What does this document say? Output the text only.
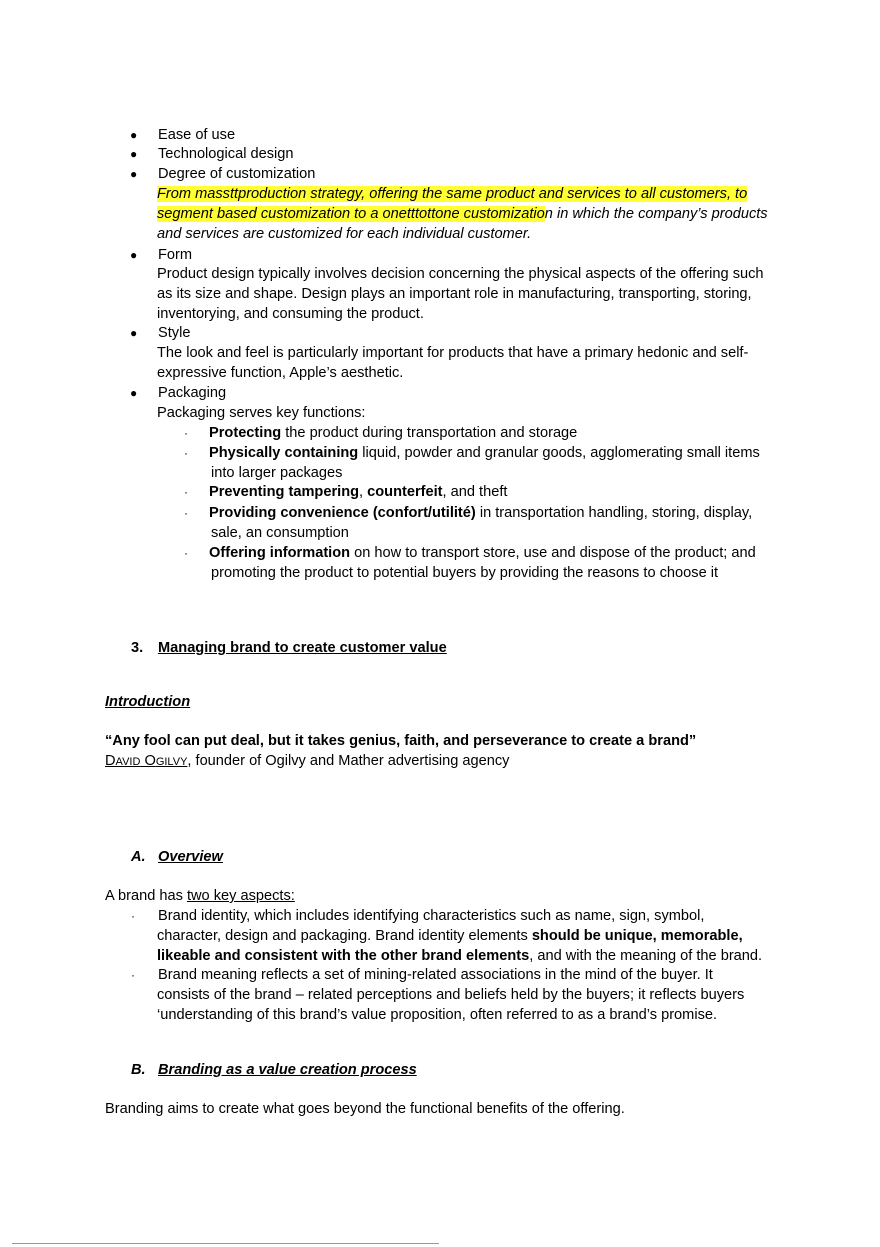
● Ease of use
● Technological design
● Degree of customization
From massttproduction strategy, offering the same product and services to all customers, to
segment based customization to a onetttottone customization in which the company’s products
and services are customized for each individual customer.
● Form
Product design typically involves decision concerning the physical aspects of the offering such
as its size and shape. Design plays an important role in manufacturing, transporting, storing,
inventorying, and consuming the product.
● Style
The look and feel is particularly important for products that have a primary hedonic and self-
expressive function, Apple’s aesthetic.
● Packaging
Packaging serves key functions:
· Protecting the product during transportation and storage
· Physically containing liquid, powder and granular goods, agglomerating small items
into larger packages
· Preventing tampering, counterfeit, and theft
· Providing convenience (confort/utilité) in transportation handling, storing, display,
sale, an consumption
· Offering information on how to transport store, use and dispose of the product; and
promoting the product to potential buyers by providing the reasons to choose it
3. Managing brand to create customer value
Introduction
“Any fool can put deal, but it takes genius, faith, and perseverance to create a brand”
DAVID OGILVY, founder of Ogilvy and Mather advertising agency
A. Overview
A brand has two key aspects:
· Brand identity, which includes identifying characteristics such as name, sign, symbol,
character, design and packaging. Brand identity elements should be unique, memorable,
likeable and consistent with the other brand elements, and with the meaning of the brand.
· Brand meaning reflects a set of mining-related associations in the mind of the buyer. It
consists of the brand – related perceptions and beliefs held by the buyers; it reflects buyers
‘understanding of this brand’s value proposition, often referred to as a brand’s promise.
B. Branding as a value creation process
Branding aims to create what goes beyond the functional benefits of the offering.
